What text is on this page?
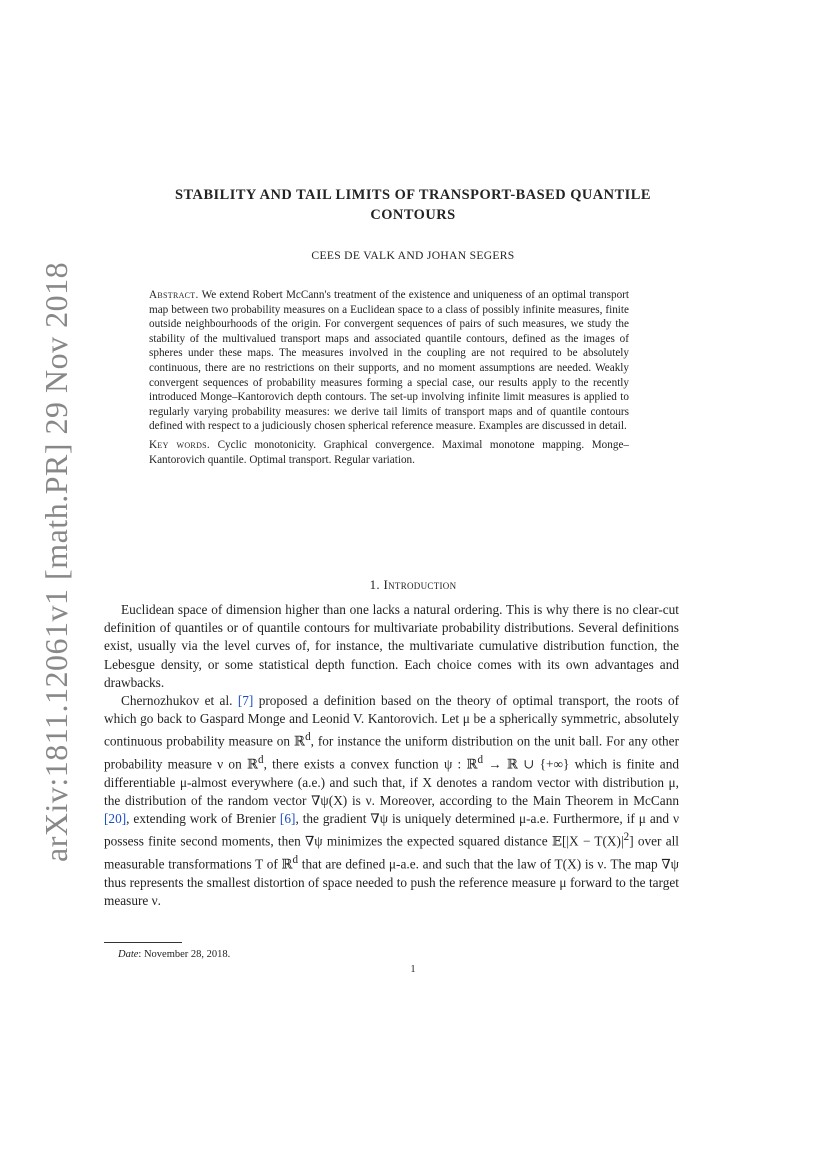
arXiv:1811.12061v1 [math.PR] 29 Nov 2018
STABILITY AND TAIL LIMITS OF TRANSPORT-BASED QUANTILE
CONTOURS
CEES DE VALK AND JOHAN SEGERS

Abstract. We extend Robert McCann's treatment of the existence and uniqueness of an optimal transport map between two probability measures on a Euclidean space to a class of possibly infinite measures, finite outside neighbourhoods of the origin. For convergent sequences of pairs of such measures, we study the stability of the multivalued transport maps and associated quantile contours, defined as the images of spheres under these maps. The measures involved in the coupling are not required to be absolutely continuous, there are no restrictions on their supports, and no moment assumptions are needed. Weakly convergent sequences of probability measures forming a special case, our results apply to the recently introduced Monge–Kantorovich depth contours. The set-up involving infinite limit measures is applied to regularly varying probability measures: we derive tail limits of transport maps and of quantile contours defined with respect to a judiciously chosen spherical reference measure. Examples are discussed in detail.

Key words. Cyclic monotonicity. Graphical convergence. Maximal monotone mapping. Monge–Kantorovich quantile. Optimal transport. Regular variation.

1. Introduction

Euclidean space of dimension higher than one lacks a natural ordering. This is why there is no clear-cut definition of quantiles or of quantile contours for multivariate probability distributions. Several definitions exist, usually via the level curves of, for instance, the multivariate cumulative distribution function, the Lebesgue density, or some statistical depth function. Each choice comes with its own advantages and drawbacks.

Chernozhukov et al. [7] proposed a definition based on the theory of optimal transport, the roots of which go back to Gaspard Monge and Leonid V. Kantorovich. Let μ be a spherically symmetric, absolutely continuous probability measure on ℝ$^d$, for instance the uniform distribution on the unit ball. For any other probability measure ν on ℝ$^d$, there exists a convex function ψ : ℝ$^d$ → ℝ ∪ {+∞} which is finite and differentiable μ-almost everywhere (a.e.) and such that, if X denotes a random vector with distribution μ, the distribution of the random vector ∇ψ(X) is ν. Moreover, according to the Main Theorem in McCann [20], extending work of Brenier [6], the gradient ∇ψ is uniquely determined μ-a.e. Furthermore, if μ and ν possess finite second moments, then ∇ψ minimizes the expected squared distance 𝔼[|X − $T(X)|^2$] over all measurable transformations T of ℝ$^d$ that are defined μ-a.e. and such that the law of T(X) is ν. The map ∇ψ thus represents the smallest distortion of space needed to push the reference measure μ forward to the target measure ν.

Date: November 28, 2018.
1
